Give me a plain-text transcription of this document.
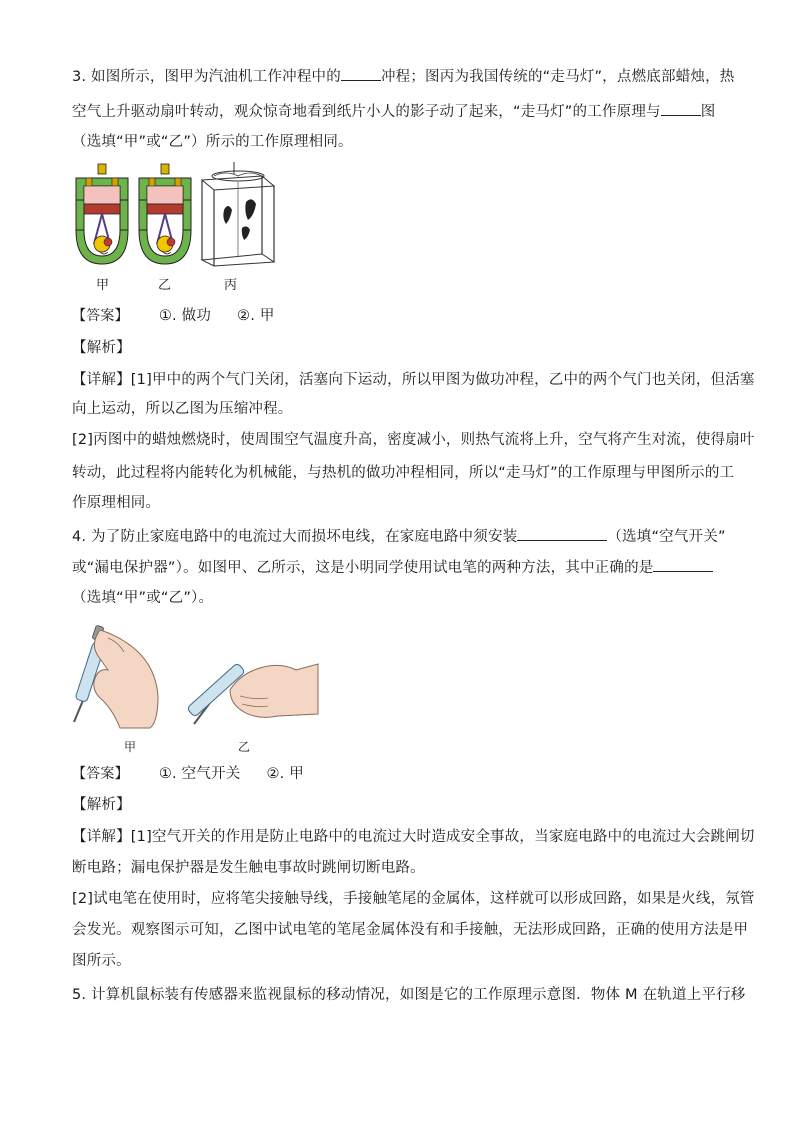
3. 如图所示，图甲为汽油机工作冲程中的	冲程；图丙为我国传统的“走马灯”，点燃底部蜡烛，热
空气上升驱动扇叶转动，观众惊奇地看到纸片小人的影子动了起来，“走马灯”的工作原理与	图
（选填“甲”或“乙”）所示的工作原理相同。
甲	乙	丙
【答案】 ①. 做功 ②. 甲
【解析】
【详解】[1]甲中的两个气门关闭，活塞向下运动，所以甲图为做功冲程，乙中的两个气门也关闭，但活塞
向上运动，所以乙图为压缩冲程。
[2]丙图中的蜡烛燃烧时，使周围空气温度升高，密度减小，则热气流将上升，空气将产生对流，使得扇叶
转动，此过程将内能转化为机械能，与热机的做功冲程相同，所以“走马灯”的工作原理与甲图所示的工
作原理相同。
4. 为了防止家庭电路中的电流过大而损坏电线，在家庭电路中须安装	（选填“空气开关”
或“漏电保护器”）。如图甲、乙所示，这是小明同学使用试电笔的两种方法，其中正确的是
（选填“甲”或“乙”）。
甲	乙
【答案】 ①. 空气开关 ②. 甲
【解析】
【详解】[1]空气开关的作用是防止电路中的电流过大时造成安全事故，当家庭电路中的电流过大会跳闸切
断电路；漏电保护器是发生触电事故时跳闸切断电路。
[2]试电笔在使用时，应将笔尖接触导线，手接触笔尾的金属体，这样就可以形成回路，如果是火线，氖管
会发光。观察图示可知，乙图中试电笔的笔尾金属体没有和手接触，无法形成回路，正确的使用方法是甲
图所示。
5. 计算机鼠标装有传感器来监视鼠标的移动情况，如图是它的工作原理示意图．物体 M 在轨道上平行移
